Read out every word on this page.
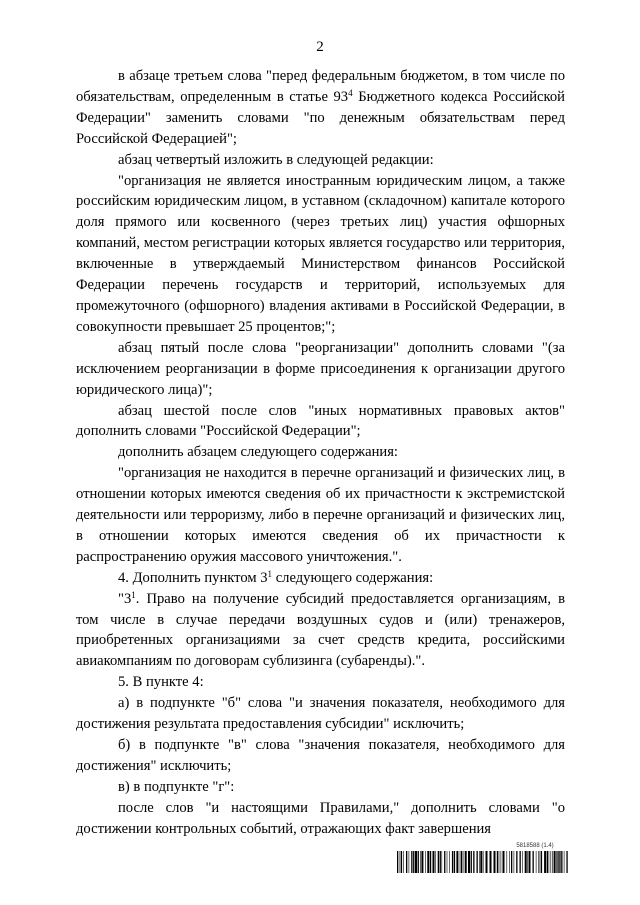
2

в абзаце третьем слова "перед федеральным бюджетом, в том числе по обязательствам, определенным в статье $93^4$ Бюджетного кодекса Российской Федерации" заменить словами "по денежным обязательствам перед Российской Федерацией";

абзац четвертый изложить в следующей редакции:

"организация не является иностранным юридическим лицом, а также российским юридическим лицом, в уставном (складочном) капитале которого доля прямого или косвенного (через третьих лиц) участия офшорных компаний, местом регистрации которых является государство или территория, включенные в утверждаемый Министерством финансов Российской Федерации перечень государств и территорий, используемых для промежуточного (офшорного) владения активами в Российской Федерации, в совокупности превышает 25 процентов;";

абзац пятый после слова "реорганизации" дополнить словами "(за исключением реорганизации в форме присоединения к организации другого юридического лица)";

абзац шестой после слов "иных нормативных правовых актов" дополнить словами "Российской Федерации";

дополнить абзацем следующего содержания:

"организация не находится в перечне организаций и физических лиц, в отношении которых имеются сведения об их причастности к экстремистской деятельности или терроризму, либо в перечне организаций и физических лиц, в отношении которых имеются сведения об их причастности к распространению оружия массового уничтожения.".

4. Дополнить пунктом $3^1$ следующего содержания:

"$3^1$. Право на получение субсидий предоставляется организациям, в том числе в случае передачи воздушных судов и (или) тренажеров, приобретенных организациями за счет средств кредита, российскими авиакомпаниям по договорам сублизинга (субаренды).".

5. В пункте 4:

а) в подпункте "б" слова "и значения показателя, необходимого для достижения результата предоставления субсидии" исключить;

б) в подпункте "в" слова "значения показателя, необходимого для достижения" исключить;

в) в подпункте "г":

после слов "и настоящими Правилами," дополнить словами "о достижении контрольных событий, отражающих факт завершения

5818588 (1.4)
